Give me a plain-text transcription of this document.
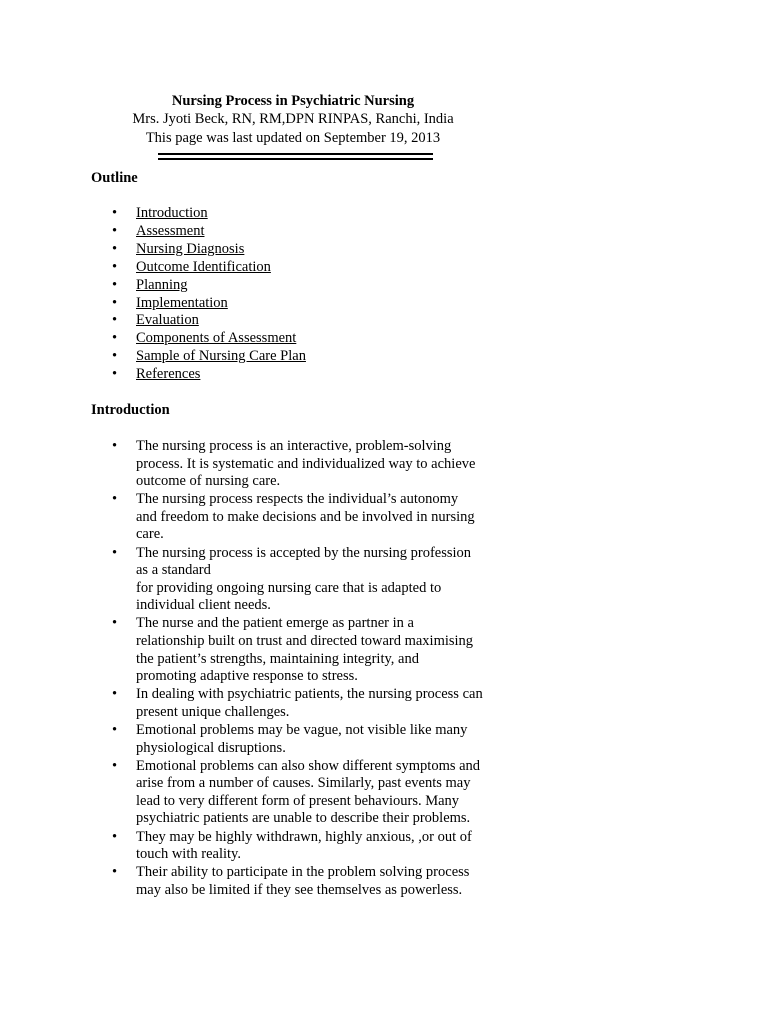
Nursing Process in Psychiatric Nursing
Mrs. Jyoti Beck, RN, RM,DPN RINPAS, Ranchi, India
This page was last updated on September 19, 2013
Outline
• Introduction
• Assessment
• Nursing Diagnosis
• Outcome Identification
• Planning
• Implementation
• Evaluation
• Components of Assessment
• Sample of Nursing Care Plan
• References
Introduction
• The nursing process is an interactive, problem-solving
process. It is systematic and individualized way to achieve
outcome of nursing care.
• The nursing process respects the individual’s autonomy
and freedom to make decisions and be involved in nursing
care.
• The nursing process is accepted by the nursing profession
as a standard
for providing ongoing nursing care that is adapted to
individual client needs.
• The nurse and the patient emerge as partner in a
relationship built on trust and directed toward maximising
the patient’s strengths, maintaining integrity, and
promoting adaptive response to stress.
• In dealing with psychiatric patients, the nursing process can
present unique challenges.
• Emotional problems may be vague, not visible like many
physiological disruptions.
• Emotional problems can also show different symptoms and
arise from a number of causes. Similarly, past events may
lead to very different form of present behaviours. Many
psychiatric patients are unable to describe their problems.
• They may be highly withdrawn, highly anxious, ,or out of
touch with reality.
• Their ability to participate in the problem solving process
may also be limited if they see themselves as powerless.
